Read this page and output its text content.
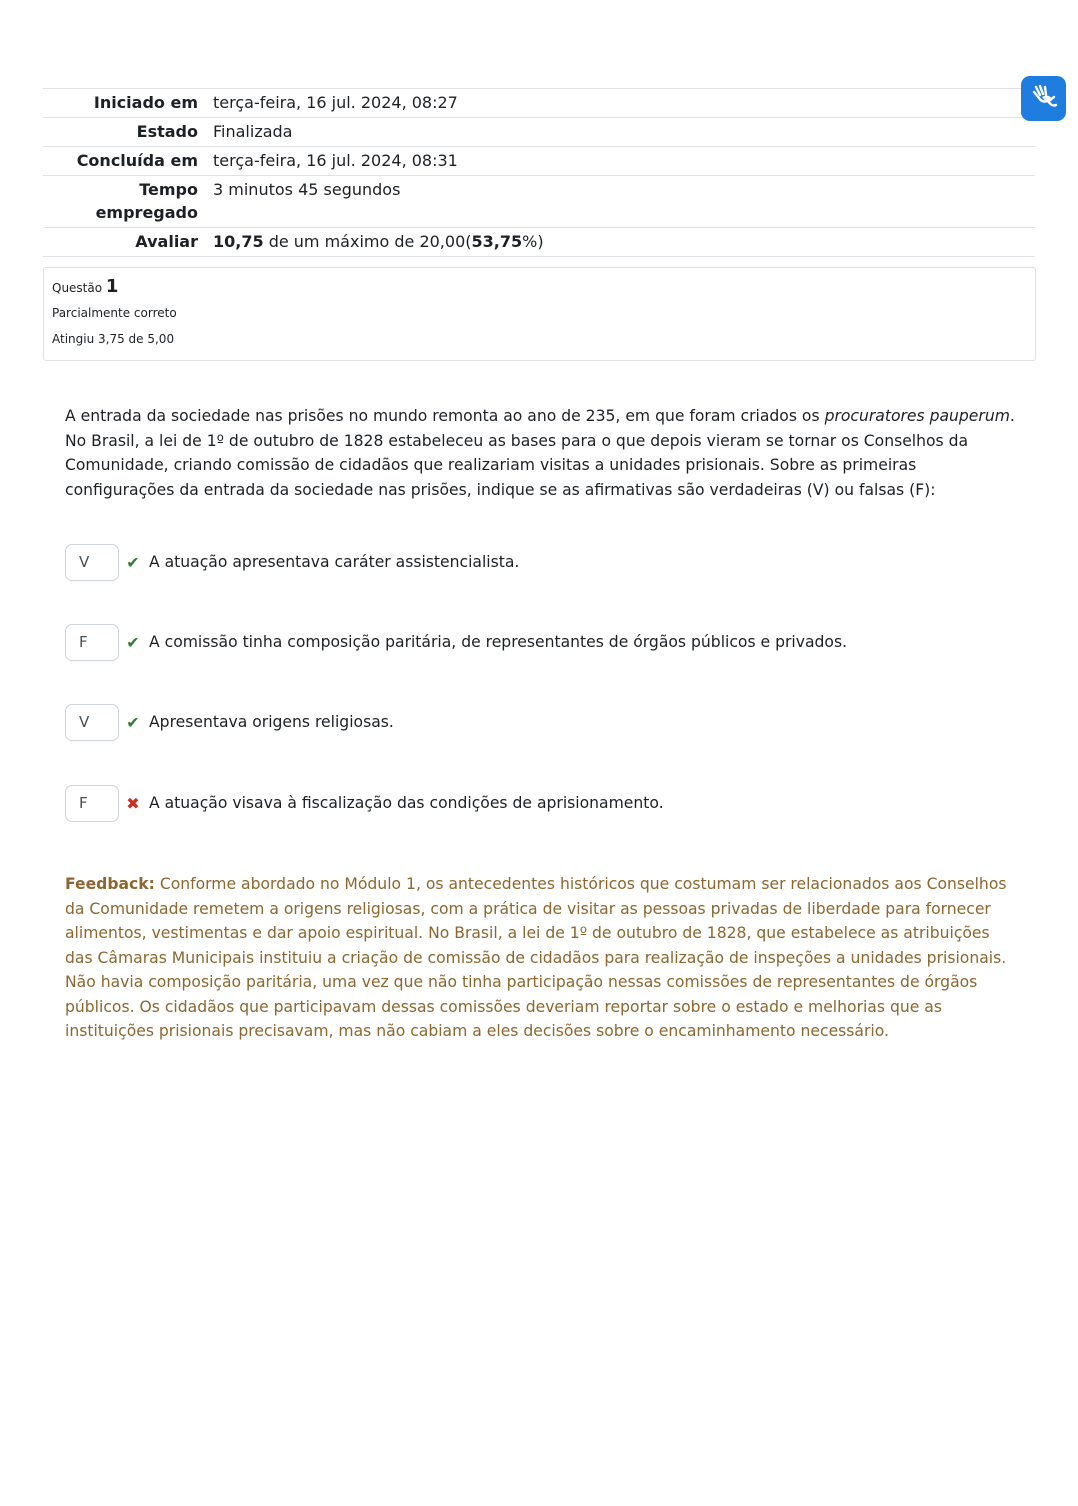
Iniciado em	terça-feira, 16 jul. 2024, 08:27
Estado	Finalizada
Concluída em	terça-feira, 16 jul. 2024, 08:31
Tempo empregado	3 minutos 45 segundos
Avaliar	10,75 de um máximo de 20,00(53,75%)
Questão 1
Parcialmente correto
Atingiu 3,75 de 5,00
A entrada da sociedade nas prisões no mundo remonta ao ano de 235, em que foram criados os procuratores pauperum. No Brasil, a lei de 1º de outubro de 1828 estabeleceu as bases para o que depois vieram se tornar os Conselhos da Comunidade, criando comissão de cidadãos que realizariam visitas a unidades prisionais. Sobre as primeiras configurações da entrada da sociedade nas prisões, indique se as afirmativas são verdadeiras (V) ou falsas (F):
V	✔ A atuação apresentava caráter assistencialista.
F	✔ A comissão tinha composição paritária, de representantes de órgãos públicos e privados.
V	✔ Apresentava origens religiosas.
F	✖ A atuação visava à fiscalização das condições de aprisionamento.
Feedback: Conforme abordado no Módulo 1, os antecedentes históricos que costumam ser relacionados aos Conselhos da Comunidade remetem a origens religiosas, com a prática de visitar as pessoas privadas de liberdade para fornecer alimentos, vestimentas e dar apoio espiritual. No Brasil, a lei de 1º de outubro de 1828, que estabelece as atribuições das Câmaras Municipais instituiu a criação de comissão de cidadãos para realização de inspeções a unidades prisionais. Não havia composição paritária, uma vez que não tinha participação nessas comissões de representantes de órgãos públicos. Os cidadãos que participavam dessas comissões deveriam reportar sobre o estado e melhorias que as instituições prisionais precisavam, mas não cabiam a eles decisões sobre o encaminhamento necessário.
